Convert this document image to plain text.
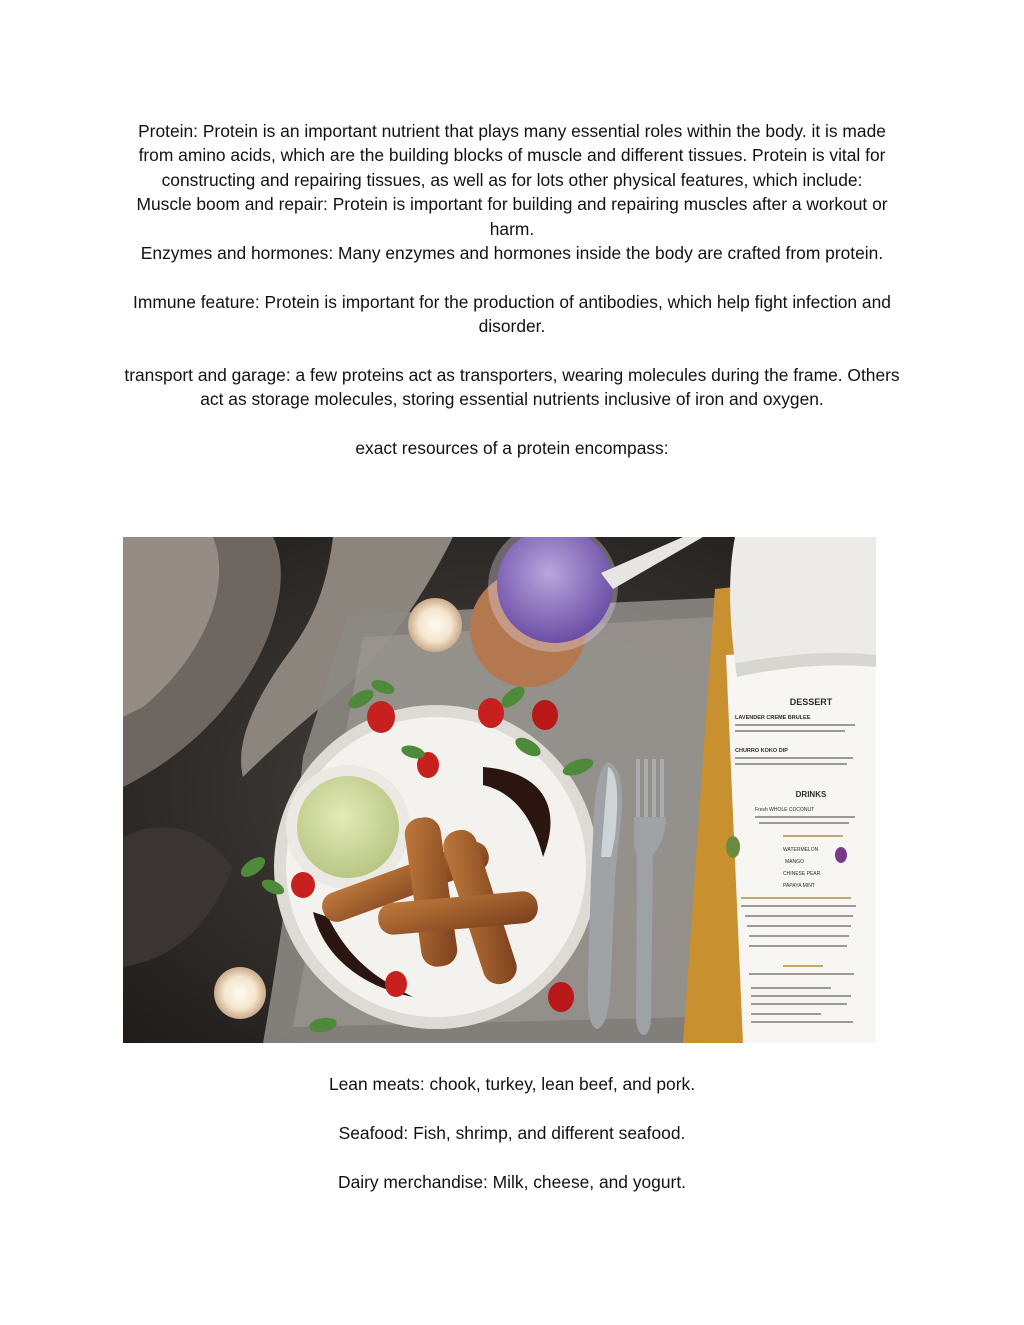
Protein: Protein is an important nutrient that plays many essential roles within the body. it is made from amino acids, which are the building blocks of muscle and different tissues. Protein is vital for constructing and repairing tissues, as well as for lots other physical features, which include:

Muscle boom and repair: Protein is important for building and repairing muscles after a workout or harm.

Enzymes and hormones: Many enzymes and hormones inside the body are crafted from protein.

Immune feature: Protein is important for the production of antibodies, which help fight infection and disorder.

transport and garage: a few proteins act as transporters, wearing molecules during the frame. Others act as storage molecules, storing essential nutrients inclusive of iron and oxygen.

exact resources of a protein encompass:

DESSERT
LAVENDER CREME BRULEE
CHURRO KOKO DIP
DRINKS
Fresh WHOLE COCONUT
WATERMELON
MANGO
CHINESE PEAR
PAPAYA MINT

Lean meats: chook, turkey, lean beef, and pork.

Seafood: Fish, shrimp, and different seafood.

Dairy merchandise: Milk, cheese, and yogurt.
